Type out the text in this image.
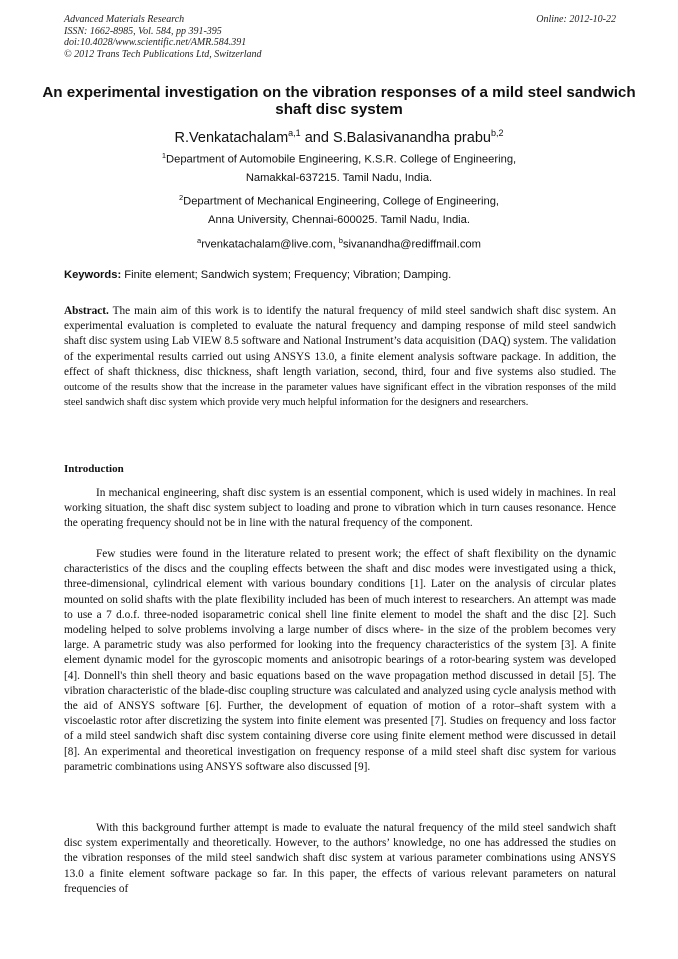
Advanced Materials Research
ISSN: 1662-8985, Vol. 584, pp 391-395
doi:10.4028/www.scientific.net/AMR.584.391
© 2012 Trans Tech Publications Ltd, Switzerland
Online: 2012-10-22
An experimental investigation on the vibration responses of a mild steel sandwich shaft disc system
R.Venkatachalam$^{a,1}$ and S.Balasivanandha prabu$^{b,2}$
$^1$Department of Automobile Engineering, K.S.R. College of Engineering,
Namakkal-637215. Tamil Nadu, India.
$^2$Department of Mechanical Engineering, College of Engineering,
Anna University, Chennai-600025. Tamil Nadu, India.
$^a$rvenkatachalam@live.com, $^b$sivanandha@rediffmail.com
Keywords: Finite element; Sandwich system; Frequency; Vibration; Damping.
Abstract. The main aim of this work is to identify the natural frequency of mild steel sandwich shaft disc system. An experimental evaluation is completed to evaluate the natural frequency and damping response of mild steel sandwich shaft disc system using Lab VIEW 8.5 software and National Instrument’s data acquisition (DAQ) system. The validation of the experimental results carried out using ANSYS 13.0, a finite element analysis software package. In addition, the effect of shaft thickness, disc thickness, shaft length variation, second, third, four and five systems also studied. The outcome of the results show that the increase in the parameter values have significant effect in the vibration responses of the mild steel sandwich shaft disc system which provide very much helpful information for the designers and researchers.
Introduction
In mechanical engineering, shaft disc system is an essential component, which is used widely in machines. In real working situation, the shaft disc system subject to loading and prone to vibration which in turn causes resonance. Hence the operating frequency should not be in line with the natural frequency of the component.
Few studies were found in the literature related to present work; the effect of shaft flexibility on the dynamic characteristics of the discs and the coupling effects between the shaft and disc modes were investigated using a thick, three-dimensional, cylindrical element with various boundary conditions [1]. Later on the analysis of circular plates mounted on solid shafts with the plate flexibility included has been of much interest to researchers. An attempt was made to use a 7 d.o.f. three-noded isoparametric conical shell line finite element to model the shaft and the disc [2]. Such modeling helped to solve problems involving a large number of discs where- in the size of the problem becomes very large. A parametric study was also performed for looking into the frequency characteristics of the system [3]. A finite element dynamic model for the gyroscopic moments and anisotropic bearings of a rotor-bearing system was developed [4]. Donnell's thin shell theory and basic equations based on the wave propagation method discussed in detail [5]. The vibration characteristic of the blade-disc coupling structure was calculated and analyzed using cycle analysis method with the aid of ANSYS software [6]. Further, the development of equation of motion of a rotor–shaft system with a viscoelastic rotor after discretizing the system into finite element was presented [7]. Studies on frequency and loss factor of a mild steel sandwich shaft disc system containing diverse core using finite element method were discussed in detail [8]. An experimental and theoretical investigation on frequency response of a mild steel shaft disc system for various parametric combinations using ANSYS software also discussed [9].
With this background further attempt is made to evaluate the natural frequency of the mild steel sandwich shaft disc system experimentally and theoretically. However, to the authors’ knowledge, no one has addressed the studies on the vibration responses of the mild steel sandwich shaft disc system at various parameter combinations using ANSYS 13.0 a finite element software package so far. In this paper, the effects of various relevant parameters on natural frequencies of
